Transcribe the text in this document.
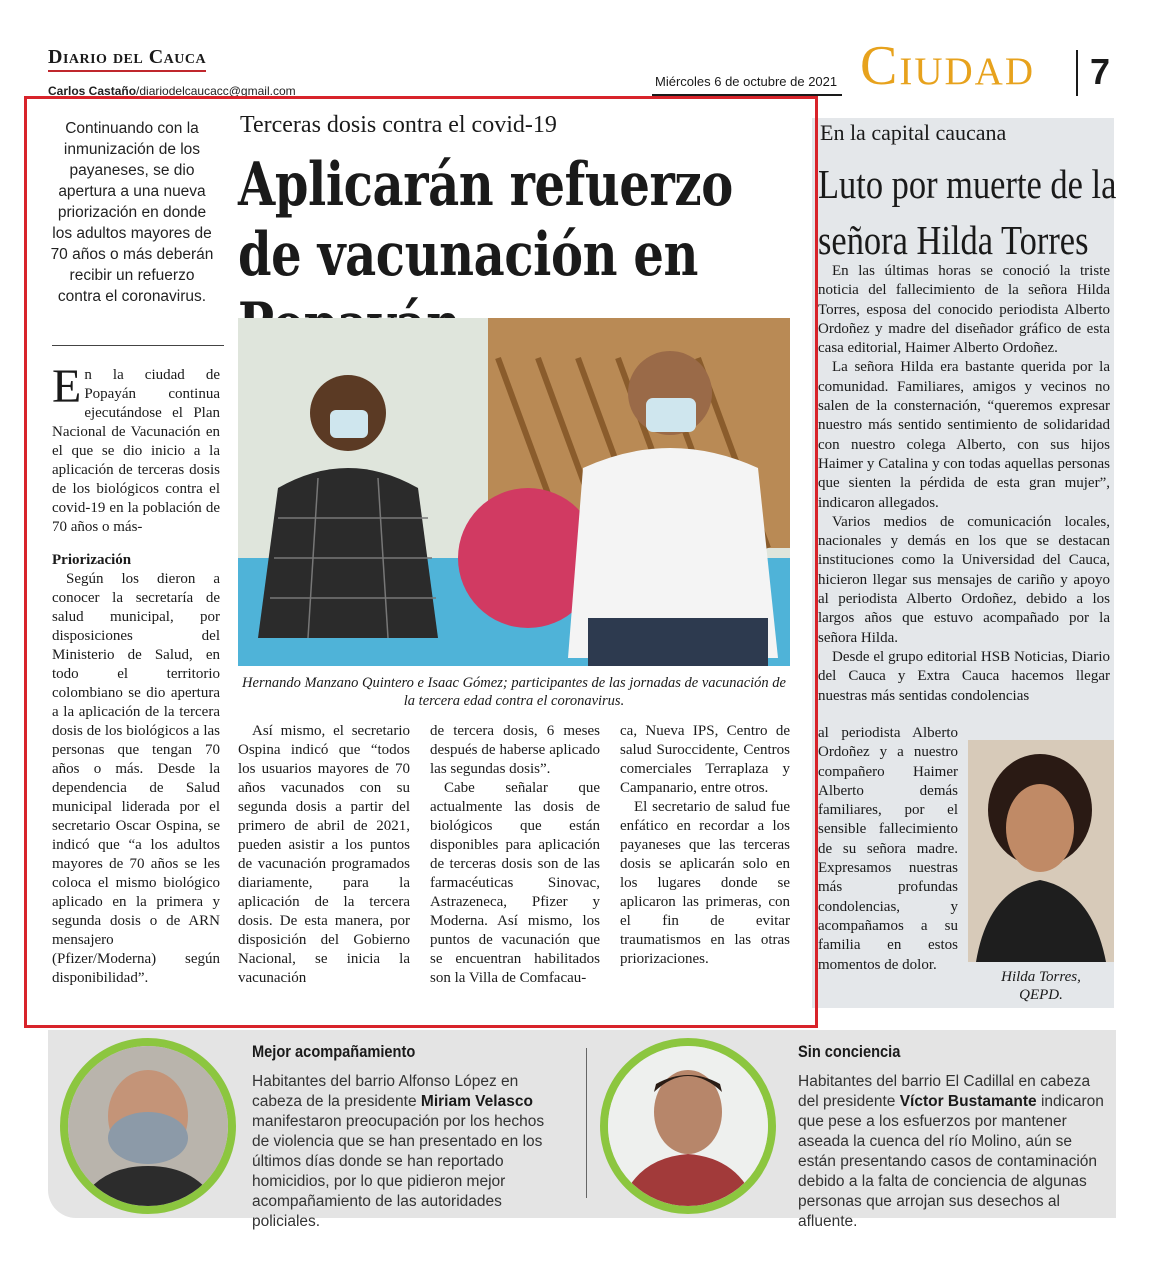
Diario del Cauca
Carlos Castaño/diariodelcaucacc@gmail.com
Miércoles 6 de octubre de 2021 Ciudad 7
Continuando con la inmunización de los payaneses, se dio apertura a una nueva priorización en donde los adultos mayores de 70 años o más deberán recibir un refuerzo contra el coronavirus.
Terceras dosis contra el covid-19
Aplicarán refuerzo de vacunación en
Hernando Manzano Quintero e Isaac Gómez; participantes de las jornadas de vacunación de la tercera edad contra el coronavirus.

En la ciudad de Popayán continua ejecutándose el Plan Nacional de Vacunación en el que se dio inicio a la aplicación de terceras dosis de los biológicos contra el covid-19 en la población de 70 años o más-

Priorización

Según los dieron a conocer la secretaría de salud municipal, por disposiciones del Ministerio de Salud, en todo el territorio colombiano se dio apertura a la aplicación de la tercera dosis de los biológicos a las personas que tengan 70 años o más. Desde la dependencia de Salud municipal liderada por el secretario Oscar Ospina, se indicó que “a los adultos mayores de 70 años se les coloca el mismo biológico aplicado en la primera y segunda dosis o de ARN mensajero (Pfizer/Moderna) según disponibilidad”.

Así mismo, el secretario Ospina indicó que “todos los usuarios mayores de 70 años vacunados con su segunda dosis a partir del primero de abril de 2021, pueden asistir a los puntos de vacunación programados diariamente, para la aplicación de la tercera dosis. De esta manera, por disposición del Gobierno Nacional, se inicia la vacunación

de tercera dosis, 6 meses después de haberse aplicado las segundas dosis”.

Cabe señalar que actualmente las dosis de biológicos que están disponibles para aplicación de terceras dosis son de las farmacéuticas Sinovac, Astrazeneca, Pfizer y Moderna. Así mismo, los puntos de vacunación que se encuentran habilitados son la Villa de Comfacau-

ca, Nueva IPS, Centro de salud Suroccidente, Centros comerciales Terraplaza y Campanario, entre otros.

El secretario de salud fue enfático en recordar a los payaneses que las terceras dosis se aplicarán solo en los lugares donde se aplicaron las primeras, con el fin de evitar traumatismos en las otras priorizaciones.

En la capital caucana
Luto por muerte de la señora Hilda Torres

En las últimas horas se conoció la triste noticia del fallecimiento de la señora Hilda Torres, esposa del conocido periodista Alberto Ordoñez y madre del diseñador gráfico de esta casa editorial, Haimer Alberto Ordoñez.

La señora Hilda era bastante querida por la comunidad. Familiares, amigos y vecinos no salen de la consternación, “queremos expresar nuestro más sentido sentimiento de solidaridad con nuestro colega Alberto, con sus hijos Haimer y Catalina y con todas aquellas personas que sienten la pérdida de esta gran mujer”, indicaron allegados.

Varios medios de comunicación locales, nacionales y demás en los que se destacan instituciones como la Universidad del Cauca, hicieron llegar sus mensajes de cariño y apoyo al periodista Alberto Ordoñez, debido a los largos años que estuvo acompañado por la señora Hilda.

Desde el grupo editorial HSB Noticias, Diario del Cauca y Extra Cauca hacemos llegar nuestras más sentidas condolencias

al periodista Alberto Ordoñez y a nuestro compañero Haimer Alberto demás familiares, por el sensible fallecimiento de su señora madre. Expresamos nuestras más profundas condolencias, y acompañamos a su familia en estos momentos de dolor.
Hilda Torres,
QEPD.
Mejor acompañamiento
Habitantes del barrio Alfonso López en cabeza de la presidente Miriam Velasco manifestaron preocupación por los hechos de violencia que se han presentado en los últimos días donde se han reportado homicidios, por lo que pidieron mejor acompañamiento de las autoridades policiales.
Sin conciencia
Habitantes del barrio El Cadillal en cabeza del presidente Víctor Bustamante indicaron que pese a los esfuerzos por mantener aseada la cuenca del río Molino, aún se están presentando casos de contaminación debido a la falta de conciencia de algunas personas que arrojan sus desechos al afluente.
